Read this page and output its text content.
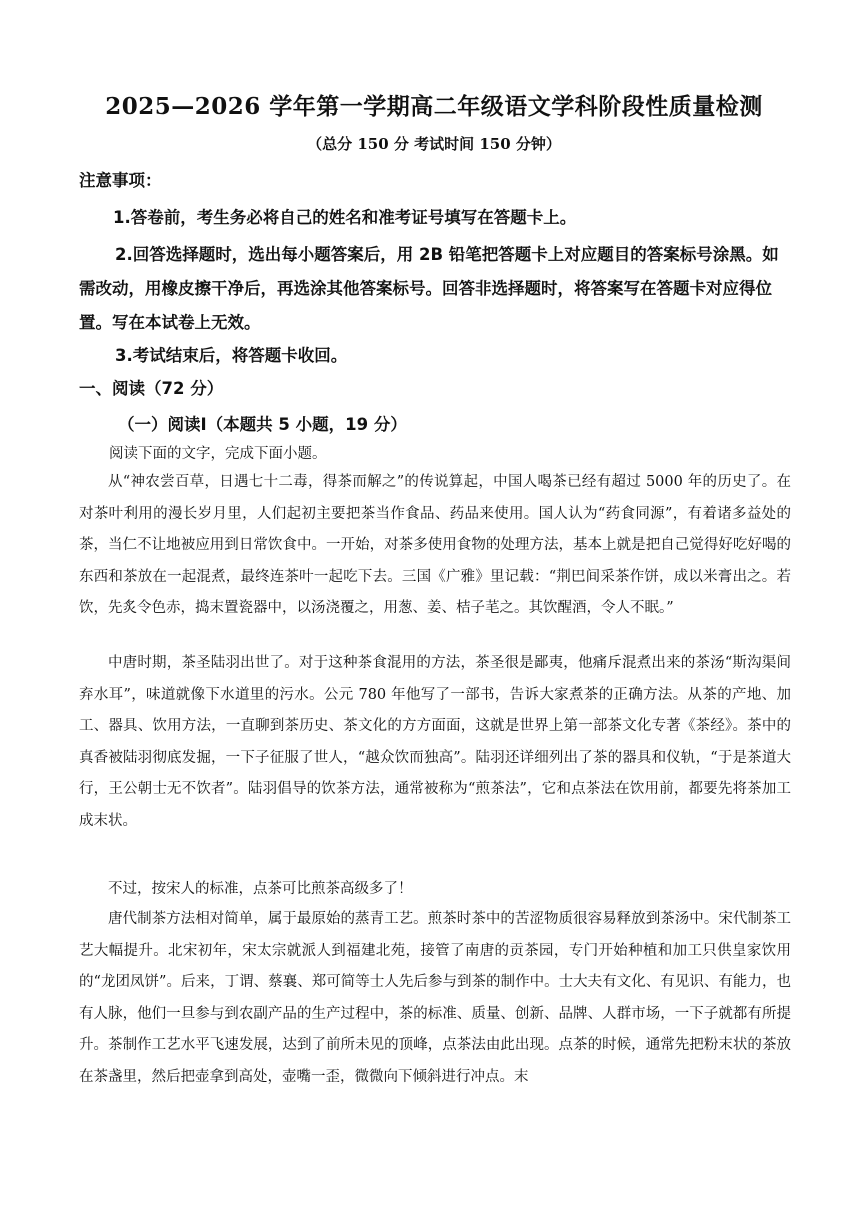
2025—2026 学年第一学期高二年级语文学科阶段性质量检测
（总分 150 分 考试时间 150 分钟）
注意事项：
1.答卷前，考生务必将自己的姓名和准考证号填写在答题卡上。
2.回答选择题时，选出每小题答案后，用 2B 铅笔把答题卡上对应题目的答案标号涂黑。如需改动，用橡皮擦干净后，再选涂其他答案标号。回答非选择题时，将答案写在答题卡对应得位置。写在本试卷上无效。
3.考试结束后，将答题卡收回。
一、阅读（72 分）
（一）阅读Ⅰ（本题共 5 小题，19 分）
阅读下面的文字，完成下面小题。

从“神农尝百草，日遇七十二毒，得茶而解之”的传说算起，中国人喝茶已经有超过 5000 年的历史了。在对茶叶利用的漫长岁月里，人们起初主要把茶当作食品、药品来使用。国人认为“药食同源”，有着诸多益处的茶，当仁不让地被应用到日常饮食中。一开始，对茶多使用食物的处理方法，基本上就是把自己觉得好吃好喝的东西和茶放在一起混煮，最终连茶叶一起吃下去。三国《广雅》里记载：“荆巴间采茶作饼，成以米膏出之。若饮，先炙令色赤，捣末置瓷器中，以汤浇覆之，用葱、姜、桔子芼之。其饮醒酒，令人不眠。”

中唐时期，茶圣陆羽出世了。对于这种茶食混用的方法，茶圣很是鄙夷，他痛斥混煮出来的茶汤“斯沟渠间弃水耳”，味道就像下水道里的污水。公元 780 年他写了一部书，告诉大家煮茶的正确方法。从茶的产地、加工、器具、饮用方法，一直聊到茶历史、茶文化的方方面面，这就是世界上第一部茶文化专著《茶经》。茶中的真香被陆羽彻底发掘，一下子征服了世人，“越众饮而独高”。陆羽还详细列出了茶的器具和仪轨，“于是茶道大行，王公朝士无不饮者”。陆羽倡导的饮茶方法，通常被称为“煎茶法”，它和点茶法在饮用前，都要先将茶加工成末状。

不过，按宋人的标准，点茶可比煎茶高级多了！

唐代制茶方法相对简单，属于最原始的蒸青工艺。煎茶时茶中的苦涩物质很容易释放到茶汤中。宋代制茶工艺大幅提升。北宋初年，宋太宗就派人到福建北苑，接管了南唐的贡茶园，专门开始种植和加工只供皇家饮用的“龙团凤饼”。后来，丁谓、蔡襄、郑可简等士人先后参与到茶的制作中。士大夫有文化、有见识、有能力，也有人脉，他们一旦参与到农副产品的生产过程中，茶的标准、质量、创新、品牌、人群市场，一下子就都有所提升。茶制作工艺水平飞速发展，达到了前所未见的顶峰，点茶法由此出现。点茶的时候，通常先把粉末状的茶放在茶盏里，然后把壶拿到高处，壶嘴一歪，微微向下倾斜进行冲点。末
